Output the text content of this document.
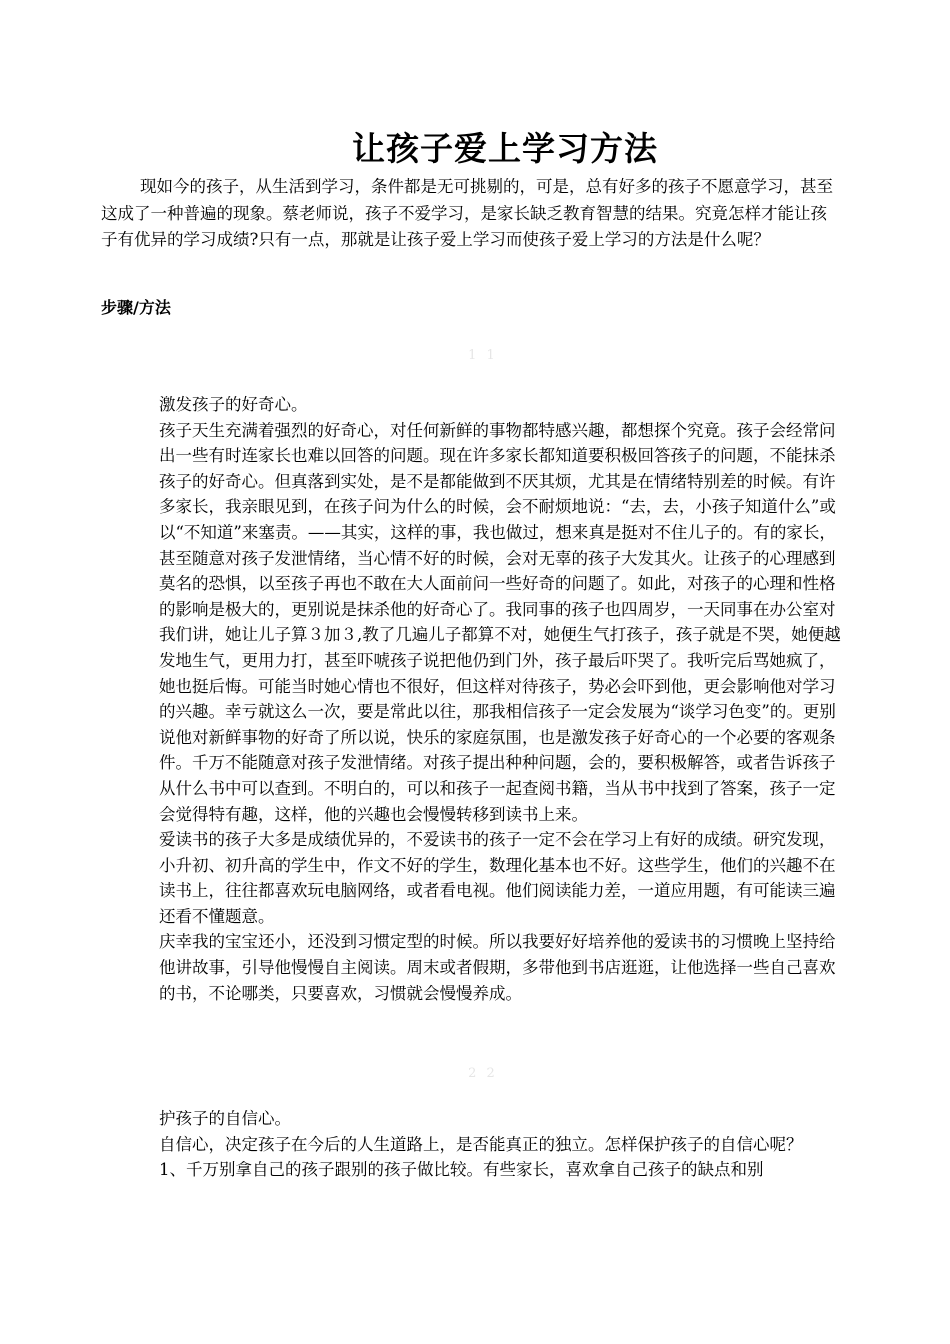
让孩子爱上学习方法

现如今的孩子，从生活到学习，条件都是无可挑剔的，可是，总有好多的孩子不愿意学习，甚至这成了一种普遍的现象。蔡老师说，孩子不爱学习，是家长缺乏教育智慧的结果。究竟怎样才能让孩子有优异的学习成绩?只有一点，那就是让孩子爱上学习而使孩子爱上学习的方法是什么呢？

步骤/方法
1 1

激发孩子的好奇心。

孩子天生充满着强烈的好奇心，对任何新鲜的事物都特感兴趣，都想探个究竟。孩子会经常问出一些有时连家长也难以回答的问题。现在许多家长都知道要积极回答孩子的问题，不能抹杀孩子的好奇心。但真落到实处，是不是都能做到不厌其烦，尤其是在情绪特别差的时候。有许多家长，我亲眼见到，在孩子问为什么的时候，会不耐烦地说：“去，去，小孩子知道什么”或以“不知道”来塞责。——其实，这样的事，我也做过，想来真是挺对不住儿子的。有的家长，甚至随意对孩子发泄情绪，当心情不好的时候，会对无辜的孩子大发其火。让孩子的心理感到莫名的恐惧，以至孩子再也不敢在大人面前问一些好奇的问题了。如此，对孩子的心理和性格的影响是极大的，更别说是抹杀他的好奇心了。我同事的孩子也四周岁，一天同事在办公室对我们讲，她让儿子算３加３,教了几遍儿子都算不对，她便生气打孩子，孩子就是不哭，她便越发地生气，更用力打，甚至吓唬孩子说把他仍到门外，孩子最后吓哭了。我听完后骂她疯了，她也挺后悔。可能当时她心情也不很好，但这样对待孩子，势必会吓到他，更会影响他对学习的兴趣。幸亏就这么一次，要是常此以往，那我相信孩子一定会发展为“谈学习色变”的。更别说他对新鲜事物的好奇了所以说，快乐的家庭氛围，也是激发孩子好奇心的一个必要的客观条件。千万不能随意对孩子发泄情绪。对孩子提出种种问题，会的，要积极解答，或者告诉孩子从什么书中可以查到。不明白的，可以和孩子一起查阅书籍，当从书中找到了答案，孩子一定会觉得特有趣，这样，他的兴趣也会慢慢转移到读书上来。

爱读书的孩子大多是成绩优异的，不爱读书的孩子一定不会在学习上有好的成绩。研究发现，小升初、初升高的学生中，作文不好的学生，数理化基本也不好。这些学生，他们的兴趣不在读书上，往往都喜欢玩电脑网络，或者看电视。他们阅读能力差，一道应用题，有可能读三遍还看不懂题意。

庆幸我的宝宝还小，还没到习惯定型的时候。所以我要好好培养他的爱读书的习惯晚上坚持给他讲故事，引导他慢慢自主阅读。周末或者假期，多带他到书店逛逛，让他选择一些自己喜欢的书，不论哪类，只要喜欢，习惯就会慢慢养成。

2 2

护孩子的自信心。

自信心，决定孩子在今后的人生道路上，是否能真正的独立。怎样保护孩子的自信心呢？

1、千万别拿自己的孩子跟别的孩子做比较。有些家长，喜欢拿自己孩子的缺点和别
